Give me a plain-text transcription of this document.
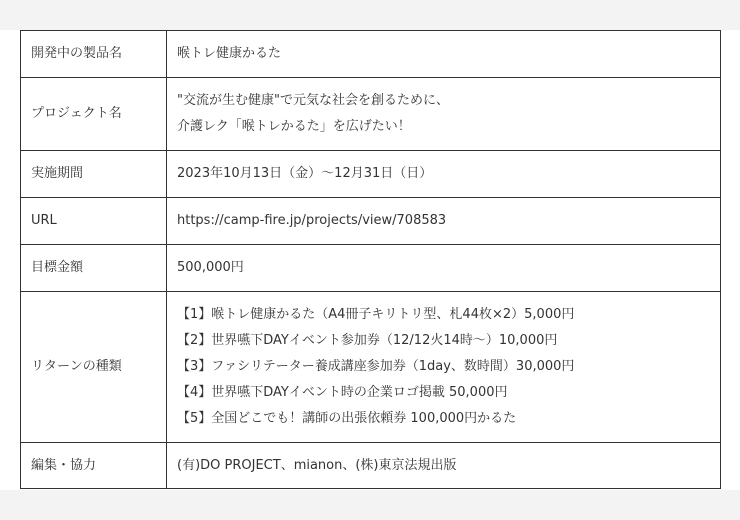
開発中の製品名	喉トレ健康かるた

プロジェクト名	"交流が生む健康"で元気な社会を創るために、
介護レク「喉トレかるた」を広げたい！

実施期間	2023年10月13日（金）〜12月31日（日）

URL	https://camp-fire.jp/projects/view/708583

目標金額	500,000円

リターンの種類	【1】喉トレ健康かるた（A4冊子キリトリ型、札44枚×2）5,000円
【2】世界嚥下DAYイベント参加券（12/12火14時〜）10,000円
【3】ファシリテーター養成講座参加券（1day、数時間）30,000円
【4】世界嚥下DAYイベント時の企業ロゴ掲載 50,000円
【5】全国どこでも！講師の出張依頼券 100,000円かるた

編集・協力	(有)DO PROJECT、mianon、(株)東京法規出版
